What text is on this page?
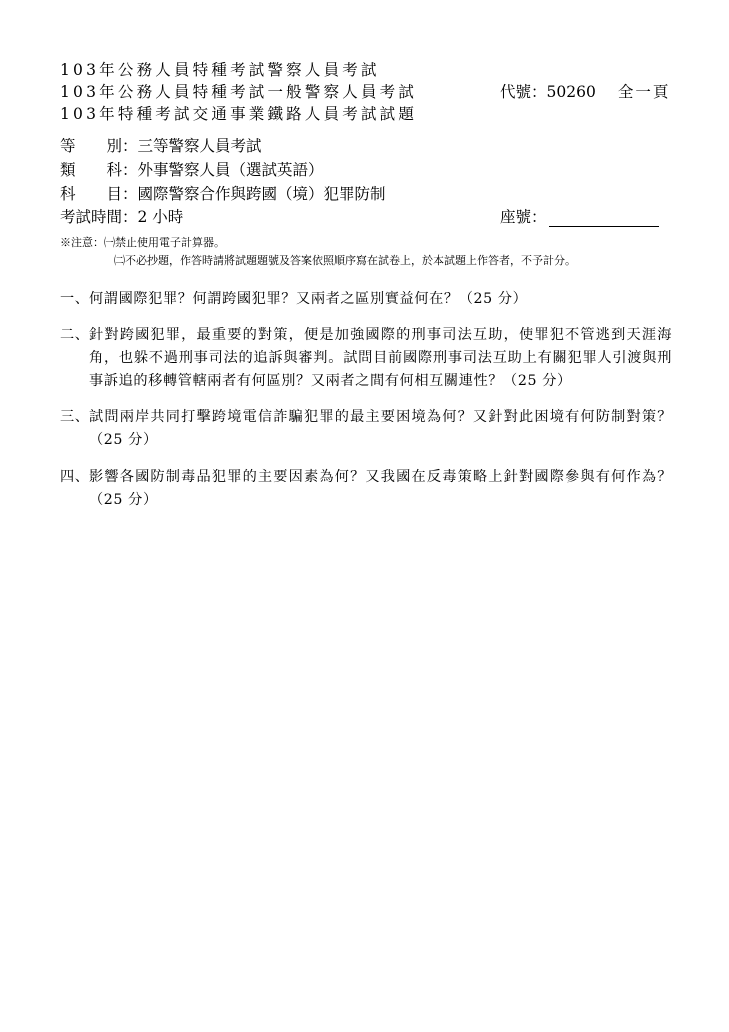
103年公務人員特種考試警察人員考試
103年公務人員特種考試一般警察人員考試
103年特種考試交通事業鐵路人員考試試題
代號：50260 全一頁
等　　別：三等警察人員考試
類　　科：外事警察人員（選試英語）
科　　目：國際警察合作與跨國（境）犯罪防制
考試時間：2 小時	座號：
※注意：㈠禁止使用電子計算器。
㈡不必抄題，作答時請將試題題號及答案依照順序寫在試卷上，於本試題上作答者，不予計分。
一、 何謂國際犯罪？何謂跨國犯罪？又兩者之區別實益何在？（25 分）
二、 針對跨國犯罪，最重要的對策，便是加強國際的刑事司法互助，使罪犯不管逃到天涯海角，也躲不過刑事司法的追訴與審判。試問目前國際刑事司法互助上有關犯罪人引渡與刑事訴追的移轉管轄兩者有何區別？又兩者之間有何相互關連性？（25 分）
三、 試問兩岸共同打擊跨境電信詐騙犯罪的最主要困境為何？又針對此困境有何防制對策？（25 分）
四、 影響各國防制毒品犯罪的主要因素為何？又我國在反毒策略上針對國際參與有何作為？（25 分）
